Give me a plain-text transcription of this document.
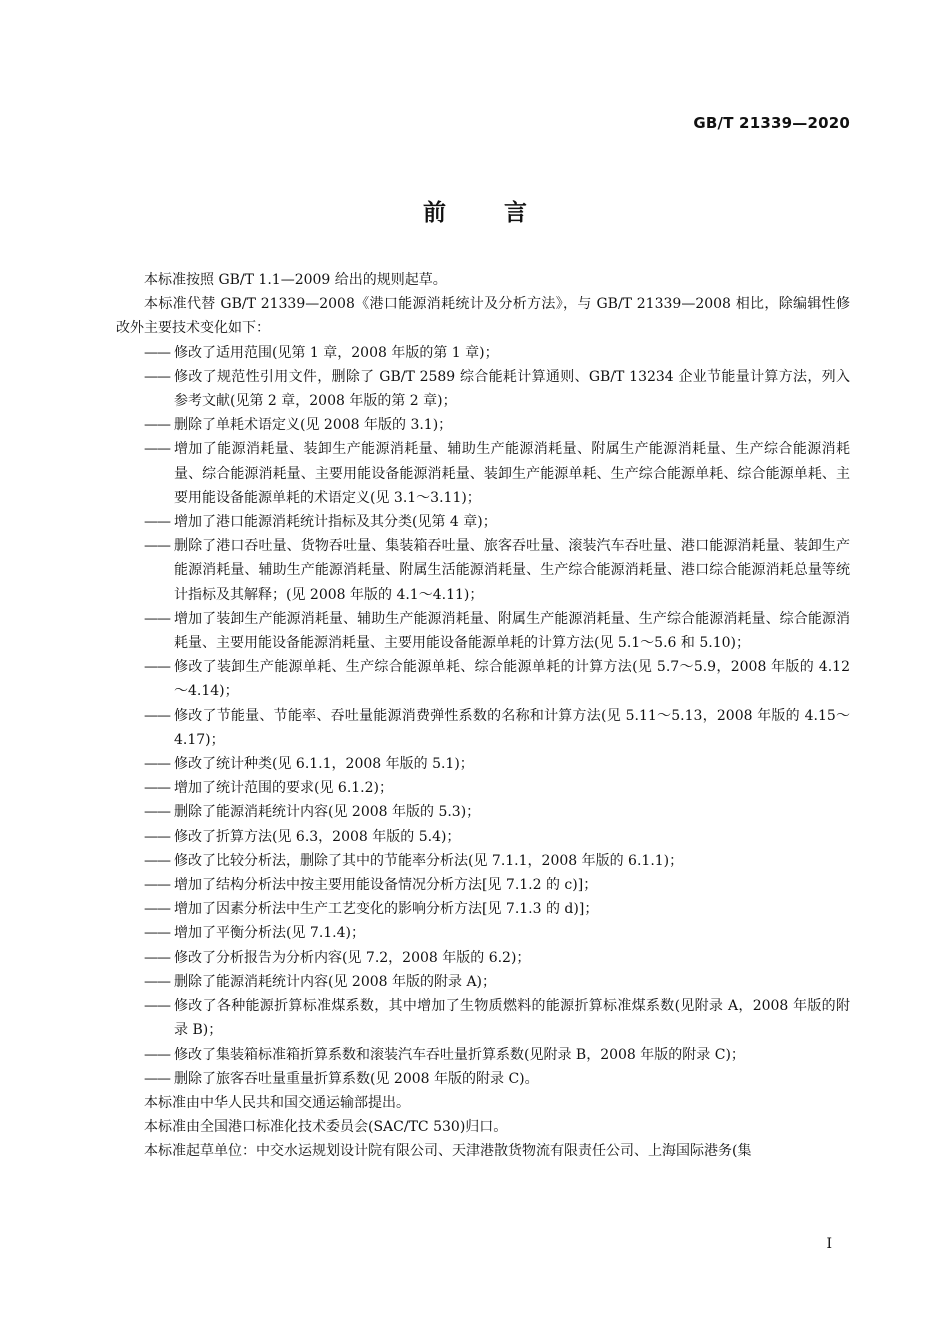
GB/T 21339—2020
前言

本标准按照 GB/T 1.1—2009 给出的规则起草。

本标准代替 GB/T 21339—2008《港口能源消耗统计及分析方法》，与 GB/T 21339—2008 相比，除编辑性修改外主要技术变化如下：

—— 修改了适用范围(见第 1 章，2008 年版的第 1 章)；

—— 修改了规范性引用文件，删除了 GB/T 2589 综合能耗计算通则、GB/T 13234 企业节能量计算方法，列入参考文献(见第 2 章，2008 年版的第 2 章)；

—— 删除了单耗术语定义(见 2008 年版的 3.1)；

—— 增加了能源消耗量、装卸生产能源消耗量、辅助生产能源消耗量、附属生产能源消耗量、生产综合能源消耗量、综合能源消耗量、主要用能设备能源消耗量、装卸生产能源单耗、生产综合能源单耗、综合能源单耗、主要用能设备能源单耗的术语定义(见 3.1～3.11)；

—— 增加了港口能源消耗统计指标及其分类(见第 4 章)；

—— 删除了港口吞吐量、货物吞吐量、集装箱吞吐量、旅客吞吐量、滚装汽车吞吐量、港口能源消耗量、装卸生产能源消耗量、辅助生产能源消耗量、附属生活能源消耗量、生产综合能源消耗量、港口综合能源消耗总量等统计指标及其解释；(见 2008 年版的 4.1～4.11)；

—— 增加了装卸生产能源消耗量、辅助生产能源消耗量、附属生产能源消耗量、生产综合能源消耗量、综合能源消耗量、主要用能设备能源消耗量、主要用能设备能源单耗的计算方法(见 5.1～5.6 和 5.10)；

—— 修改了装卸生产能源单耗、生产综合能源单耗、综合能源单耗的计算方法(见 5.7～5.9，2008 年版的 4.12～4.14)；

—— 修改了节能量、节能率、吞吐量能源消费弹性系数的名称和计算方法(见 5.11～5.13，2008 年版的 4.15～4.17)；

—— 修改了统计种类(见 6.1.1，2008 年版的 5.1)；

—— 增加了统计范围的要求(见 6.1.2)；

—— 删除了能源消耗统计内容(见 2008 年版的 5.3)；

—— 修改了折算方法(见 6.3，2008 年版的 5.4)；

—— 修改了比较分析法，删除了其中的节能率分析法(见 7.1.1，2008 年版的 6.1.1)；

—— 增加了结构分析法中按主要用能设备情况分析方法[见 7.1.2 的 c)]；

—— 增加了因素分析法中生产工艺变化的影响分析方法[见 7.1.3 的 d)]；

—— 增加了平衡分析法(见 7.1.4)；

—— 修改了分析报告为分析内容(见 7.2，2008 年版的 6.2)；

—— 删除了能源消耗统计内容(见 2008 年版的附录 A)；

—— 修改了各种能源折算标准煤系数，其中增加了生物质燃料的能源折算标准煤系数(见附录 A，2008 年版的附录 B)；

—— 修改了集装箱标准箱折算系数和滚装汽车吞吐量折算系数(见附录 B，2008 年版的附录 C)；

—— 删除了旅客吞吐量重量折算系数(见 2008 年版的附录 C)。

本标准由中华人民共和国交通运输部提出。

本标准由全国港口标准化技术委员会(SAC/TC 530)归口。

本标准起草单位：中交水运规划设计院有限公司、天津港散货物流有限责任公司、上海国际港务(集

I
